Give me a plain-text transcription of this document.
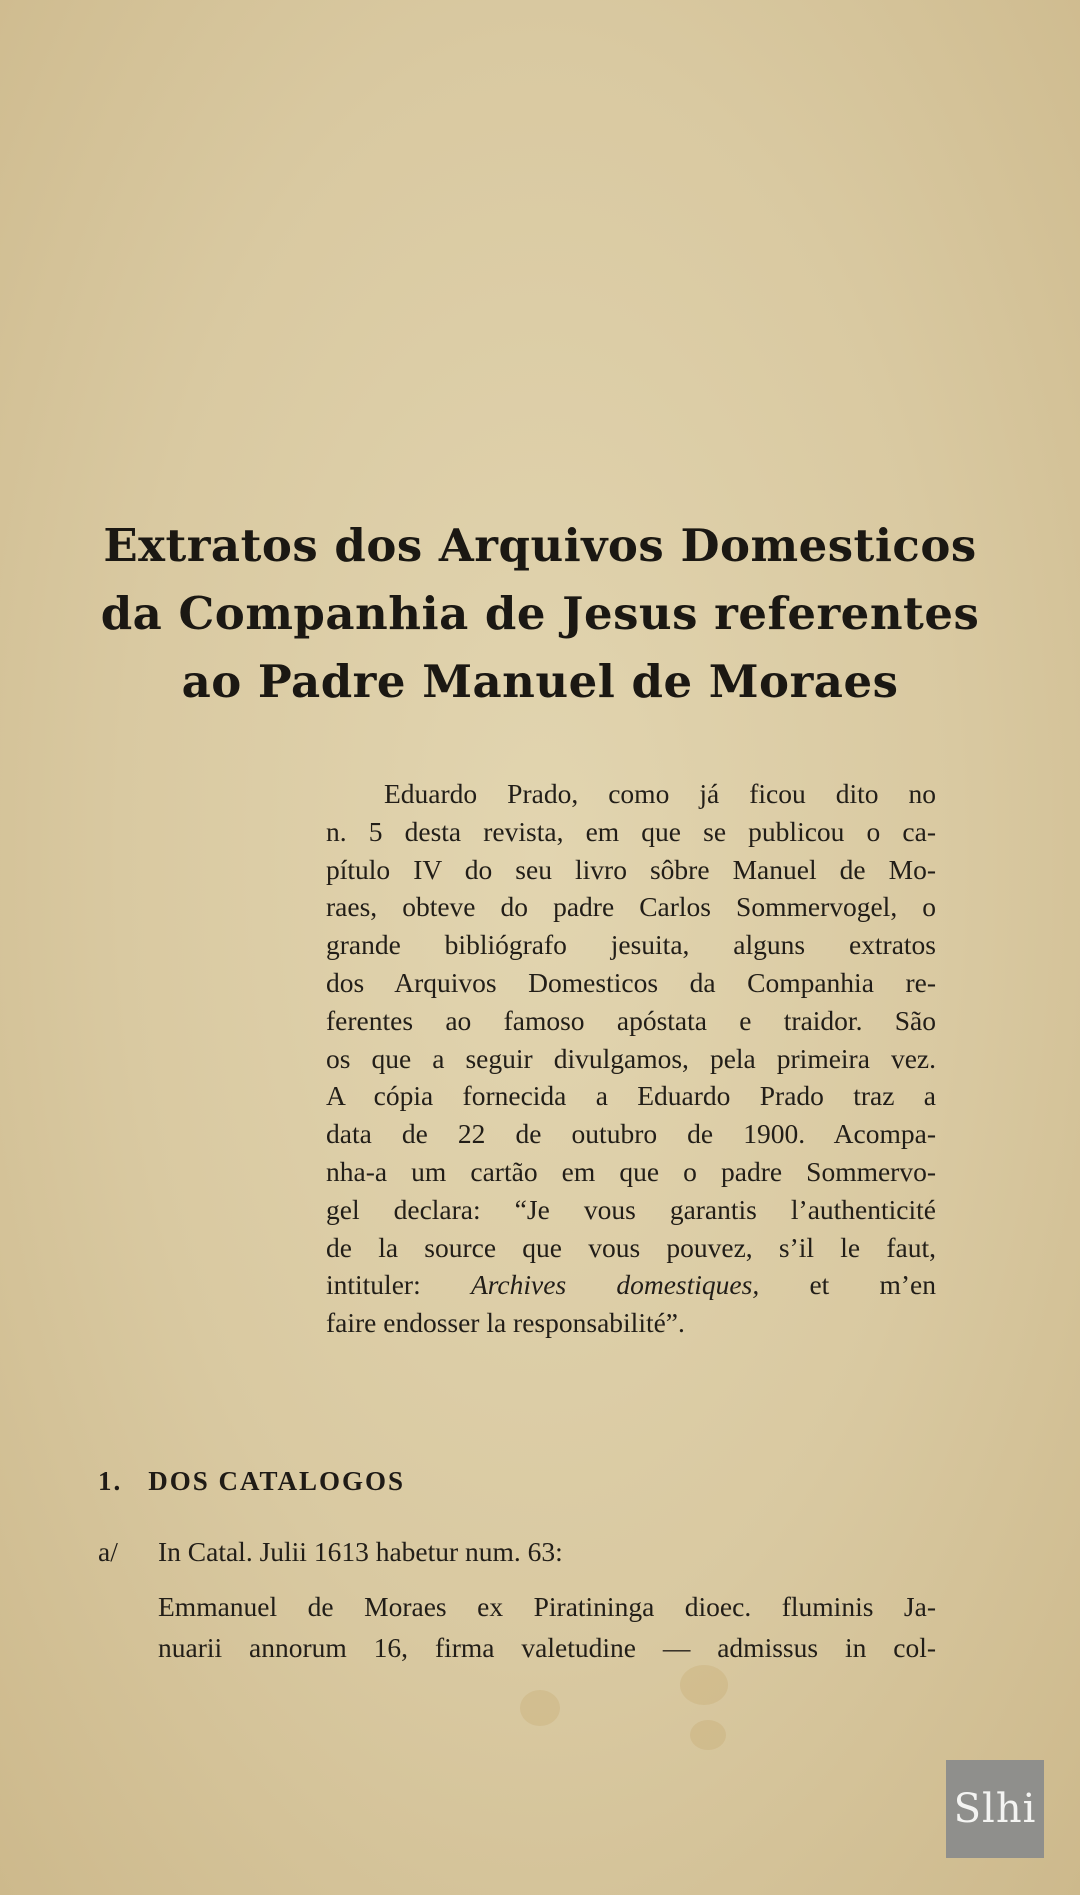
Extratos dos Arquivos Domesticos
da Companhia de Jesus referentes
ao Padre Manuel de Moraes
Eduardo Prado, como já ficou dito no
n. 5 desta revista, em que se publicou o ca-
pítulo IV do seu livro sôbre Manuel de Mo-
raes, obteve do padre Carlos Sommervogel, o
grande bibliógrafo jesuita, alguns extratos
dos Arquivos Domesticos da Companhia re-
ferentes ao famoso apóstata e traidor. São
os que a seguir divulgamos, pela primeira vez.
A cópia fornecida a Eduardo Prado traz a
data de 22 de outubro de 1900. Acompa-
nha-a um cartão em que o padre Sommervo-
gel declara: “Je vous garantis l’authenticité
de la source que vous pouvez, s’il le faut,
intituler: Archives domestiques, et m’en
faire endosser la responsabilité”.
1. DOS CATALOGOS
a/ In Catal. Julii 1613 habetur num. 63:
Emmanuel de Moraes ex Piratininga dioec. fluminis Ja-
nuarii annorum 16, firma valetudine — admissus in col-
Slhi
